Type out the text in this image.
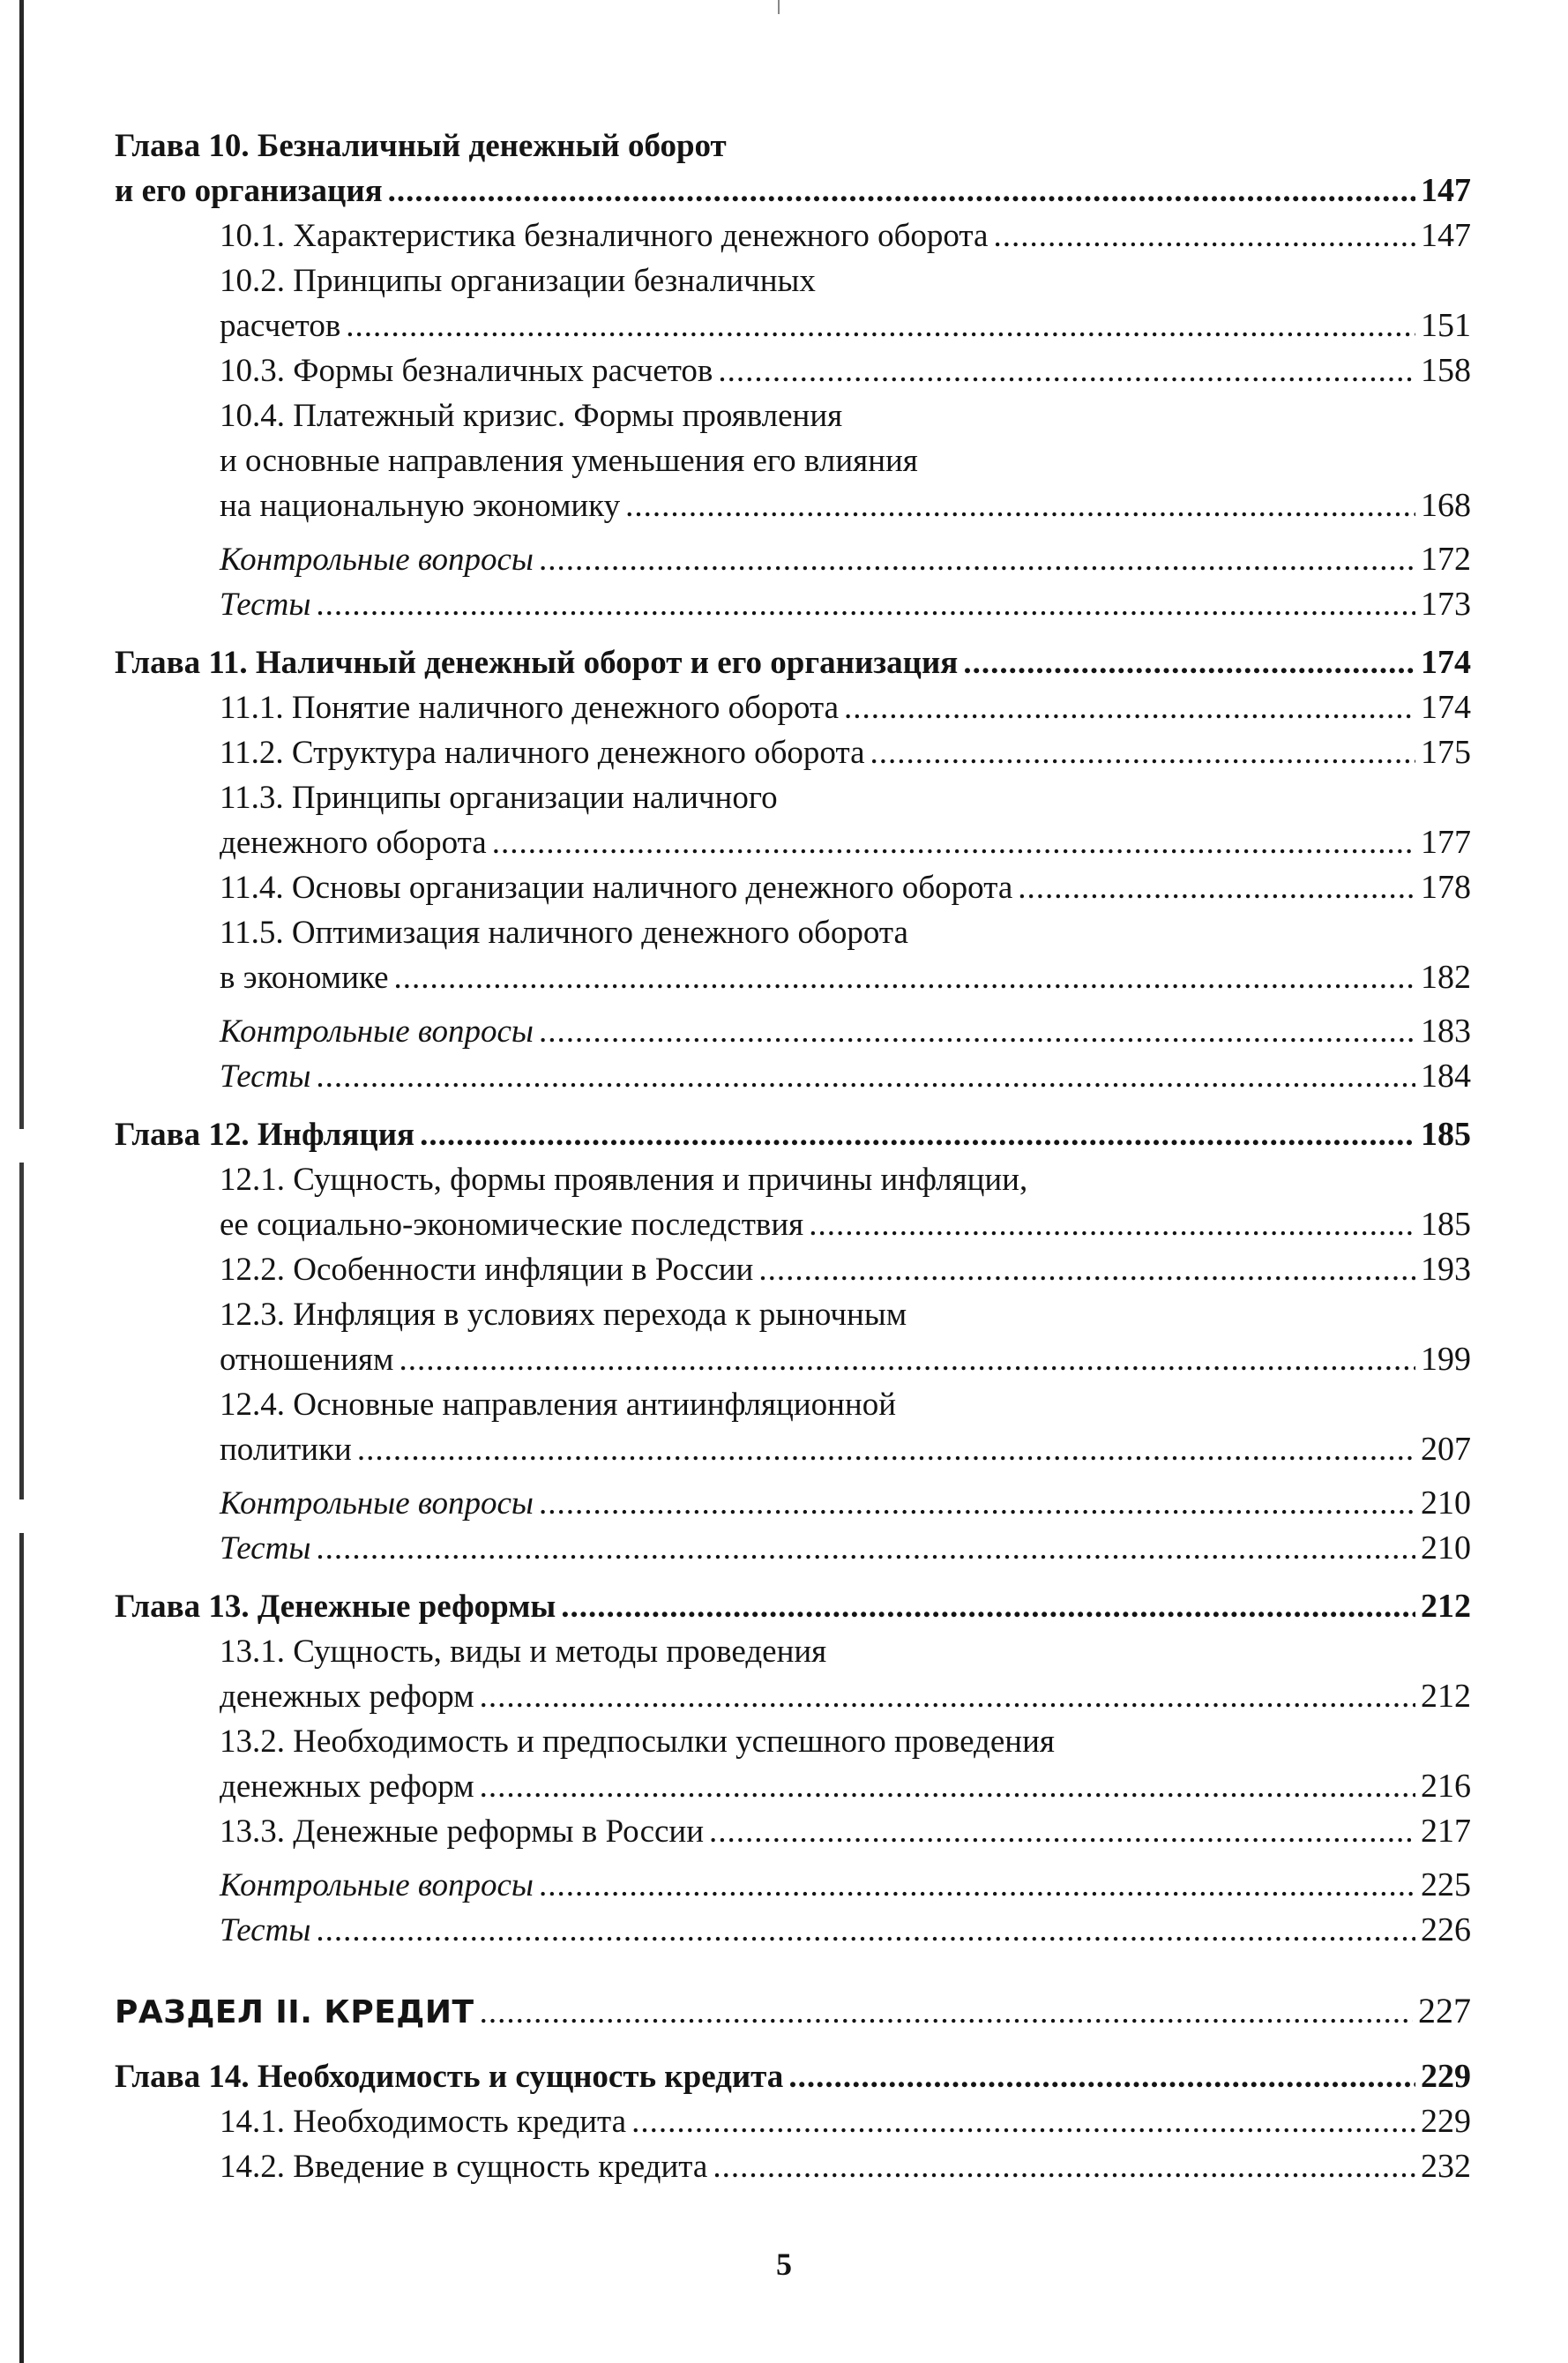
Глава 10. Безналичный денежный оборот
и его организация .....	147
10.1. Характеристика безналичного денежного оборота .....	147
10.2. Принципы организации безналичных
расчетов .....	151
10.3. Формы безналичных расчетов .....	158
10.4. Платежный кризис. Формы проявления
и основные направления уменьшения его влияния
на национальную экономику .....	168
Контрольные вопросы .....	172
Тесты .....	173
Глава 11. Наличный денежный оборот и его организация .....	174
11.1. Понятие наличного денежного оборота .....	174
11.2. Структура наличного денежного оборота .....	175
11.3. Принципы организации наличного
денежного оборота .....	177
11.4. Основы организации наличного денежного оборота .....	178
11.5. Оптимизация наличного денежного оборота
в экономике .....	182
Контрольные вопросы .....	183
Тесты .....	184
Глава 12. Инфляция .....	185
12.1. Сущность, формы проявления и причины инфляции,
ее социально-экономические последствия .....	185
12.2. Особенности инфляции в России .....	193
12.3. Инфляция в условиях перехода к рыночным
отношениям .....	199
12.4. Основные направления антиинфляционной
политики .....	207
Контрольные вопросы .....	210
Тесты .....	210
Глава 13. Денежные реформы .....	212
13.1. Сущность, виды и методы проведения
денежных реформ .....	212
13.2. Необходимость и предпосылки успешного проведения
денежных реформ .....	216
13.3. Денежные реформы в России .....	217
Контрольные вопросы .....	225
Тесты .....	226
РАЗДЕЛ II. КРЕДИТ .....	227
Глава 14. Необходимость и сущность кредита .....	229
14.1. Необходимость кредита .....	229
14.2. Введение в сущность кредита .....	232
5
